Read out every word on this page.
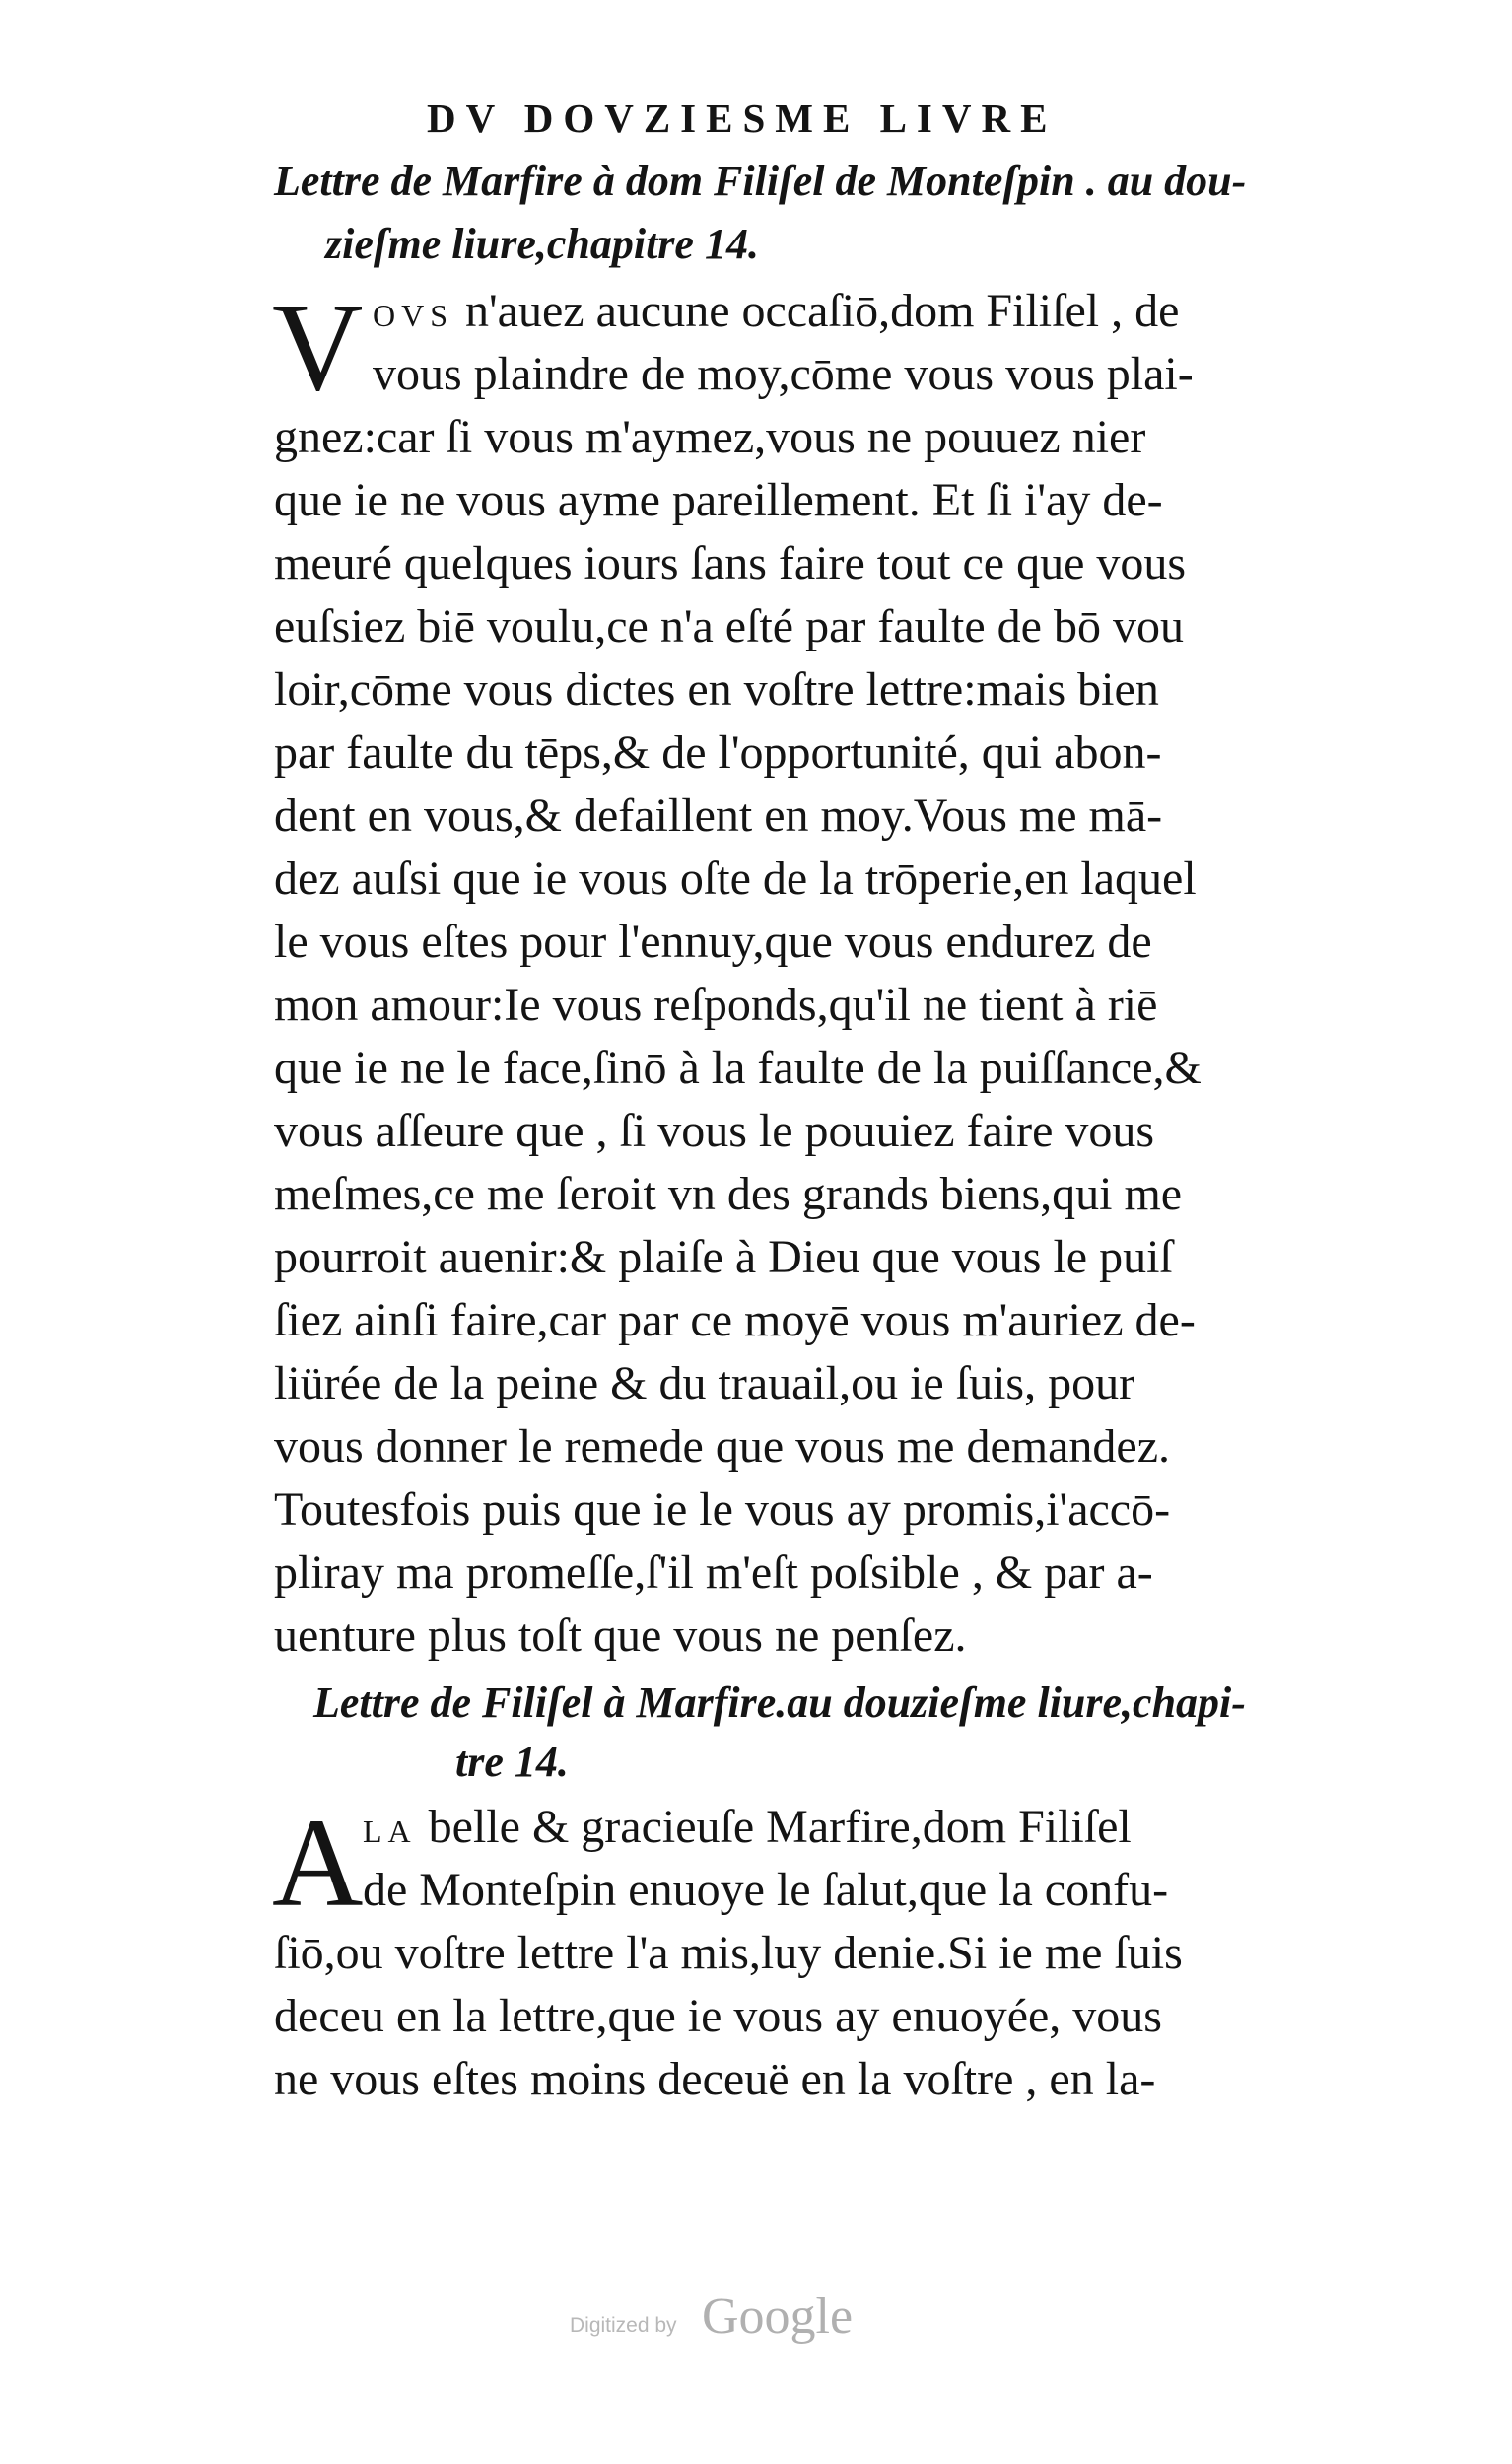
DV DOVZIESME LIVRE
Lettre de Marfire à dom Filiſel de Monteſpin . au dou-
zieſme liure,chapitre 14.
V OVS n'auez aucune occaſiō,dom Filiſel , de
vous plaindre de moy,cōme vous vous plai-
gnez:car ſi vous m'aymez,vous ne pouuez nier
que ie ne vous ayme pareillement. Et ſi i'ay de-
meuré quelques iours ſans faire tout ce que vous
euſsiez biē voulu,ce n'a eſté par faulte de bō vou
loir,cōme vous dictes en voſtre lettre:mais bien
par faulte du tēps,& de l'opportunité, qui abon-
dent en vous,& defaillent en moy.Vous me mā-
dez auſsi que ie vous oſte de la trōperie,en laquel
le vous eſtes pour l'ennuy,que vous endurez de
mon amour:Ie vous reſponds,qu'il ne tient à riē
que ie ne le face,ſinō à la faulte de la puiſſance,&
vous aſſeure que , ſi vous le pouuiez faire vous
meſmes,ce me ſeroit vn des grands biens,qui me
pourroit auenir:& plaiſe à Dieu que vous le puiſ
ſiez ainſi faire,car par ce moyē vous m'auriez de-
liürée de la peine & du trauail,ou ie ſuis, pour
vous donner le remede que vous me demandez.
Toutesfois puis que ie le vous ay promis,i'accō-
pliray ma promeſſe,ſ'il m'eſt poſsible , & par a-
uenture plus toſt que vous ne penſez.
Lettre de Filiſel à Marfire.au douzieſme liure,chapi-
tre 14.
A LA belle & gracieuſe Marfire,dom Filiſel
de Monteſpin enuoye le ſalut,que la confu-
ſiō,ou voſtre lettre l'a mis,luy denie.Si ie me ſuis
deceu en la lettre,que ie vous ay enuoyée, vous
ne vous eſtes moins deceuë en la voſtre , en la-
Digitized by Google
